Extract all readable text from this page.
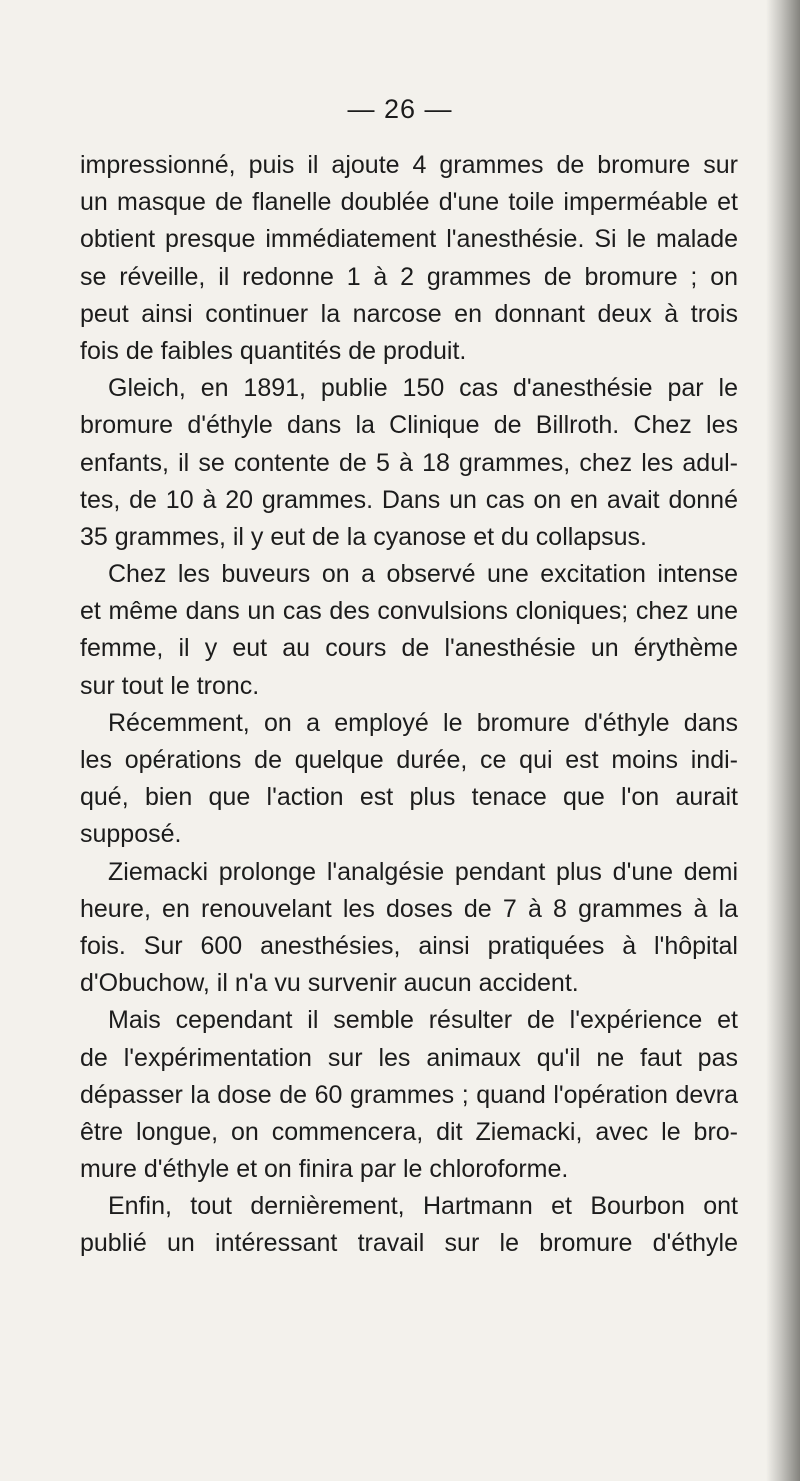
— 26 —
impressionné, puis il ajoute 4 grammes de bromure sur
un masque de flanelle doublée d'une toile imperméable et
obtient presque immédiatement l'anesthésie. Si le malade
se réveille, il redonne 1 à 2 grammes de bromure ; on
peut ainsi continuer la narcose en donnant deux à trois
fois de faibles quantités de produit.
Gleich, en 1891, publie 150 cas d'anesthésie par le
bromure d'éthyle dans la Clinique de Billroth. Chez les
enfants, il se contente de 5 à 18 grammes, chez les adul-
tes, de 10 à 20 grammes. Dans un cas on en avait donné
35 grammes, il y eut de la cyanose et du collapsus.
Chez les buveurs on a observé une excitation intense
et même dans un cas des convulsions cloniques; chez une
femme, il y eut au cours de l'anesthésie un érythème
sur tout le tronc.
Récemment, on a employé le bromure d'éthyle dans
les opérations de quelque durée, ce qui est moins indi-
qué, bien que l'action est plus tenace que l'on aurait
supposé.
Ziemacki prolonge l'analgésie pendant plus d'une demi
heure, en renouvelant les doses de 7 à 8 grammes à la
fois. Sur 600 anesthésies, ainsi pratiquées à l'hôpital
d'Obuchow, il n'a vu survenir aucun accident.
Mais cependant il semble résulter de l'expérience et
de l'expérimentation sur les animaux qu'il ne faut pas
dépasser la dose de 60 grammes ; quand l'opération devra
être longue, on commencera, dit Ziemacki, avec le bro-
mure d'éthyle et on finira par le chloroforme.
Enfin, tout dernièrement, Hartmann et Bourbon ont
publié un intéressant travail sur le bromure d'éthyle
